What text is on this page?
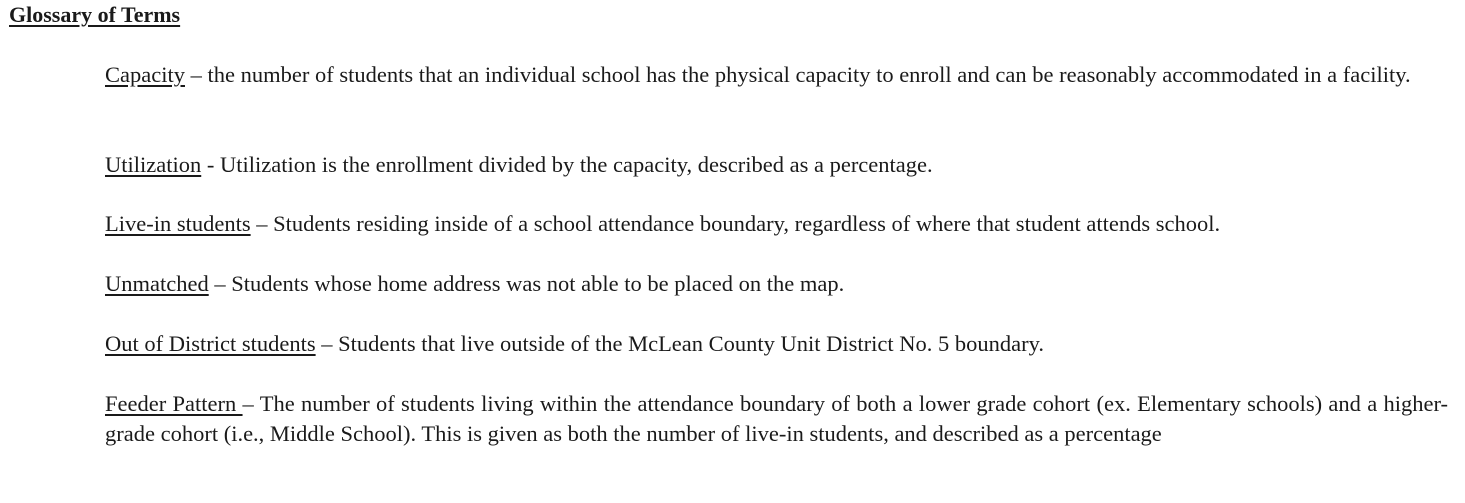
Glossary of Terms
Capacity – the number of students that an individual school has the physical capacity to enroll and can be reasonably accommodated in a facility.
Utilization - Utilization is the enrollment divided by the capacity, described as a percentage.
Live-in students – Students residing inside of a school attendance boundary, regardless of where that student attends school.
Unmatched – Students whose home address was not able to be placed on the map.
Out of District students – Students that live outside of the McLean County Unit District No. 5 boundary.
Feeder Pattern – The number of students living within the attendance boundary of both a lower grade cohort (ex. Elementary schools) and a higher-grade cohort (i.e., Middle School). This is given as both the number of live-in students, and described as a percentage
